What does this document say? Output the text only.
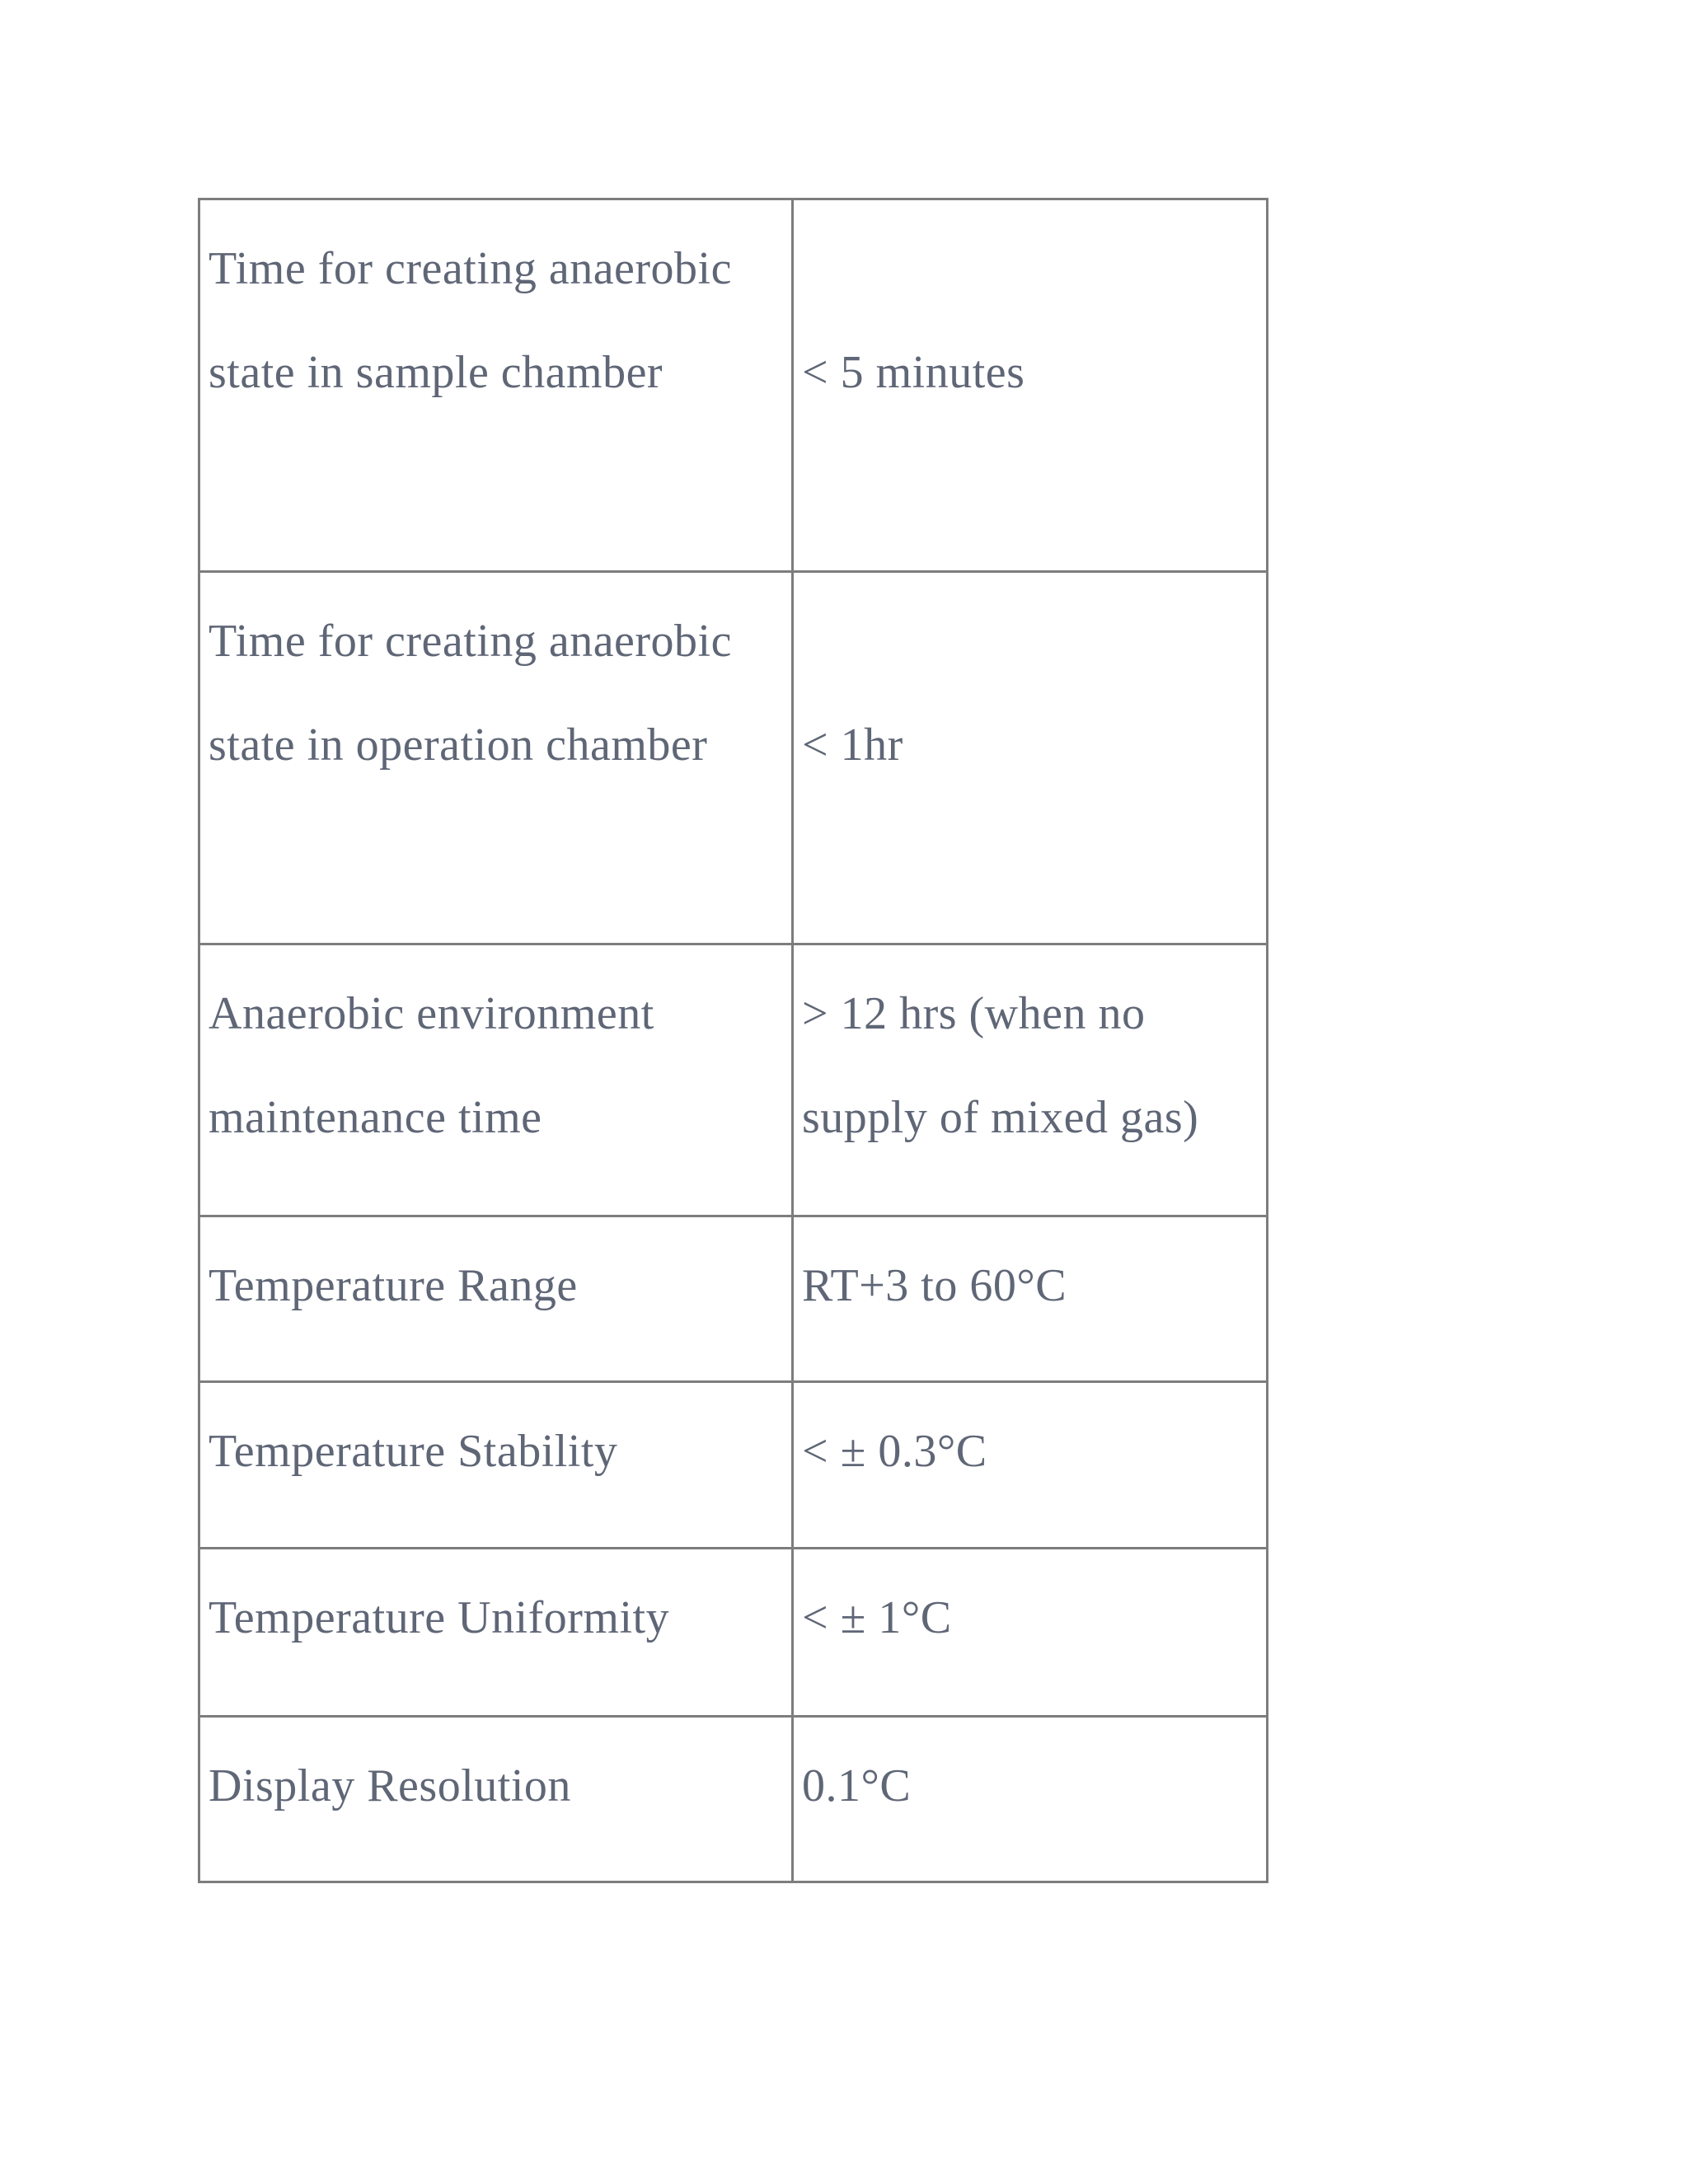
Time for creating anaerobic state in sample chamber	< 5 minutes

Time for creating anaerobic state in operation chamber	< 1hr

Anaerobic environment maintenance time	> 12 hrs (when no supply of mixed gas)

Temperature Range	RT+3 to 60°C

Temperature Stability	< ± 0.3°C

Temperature Uniformity	< ± 1°C

Display Resolution	0.1°C
